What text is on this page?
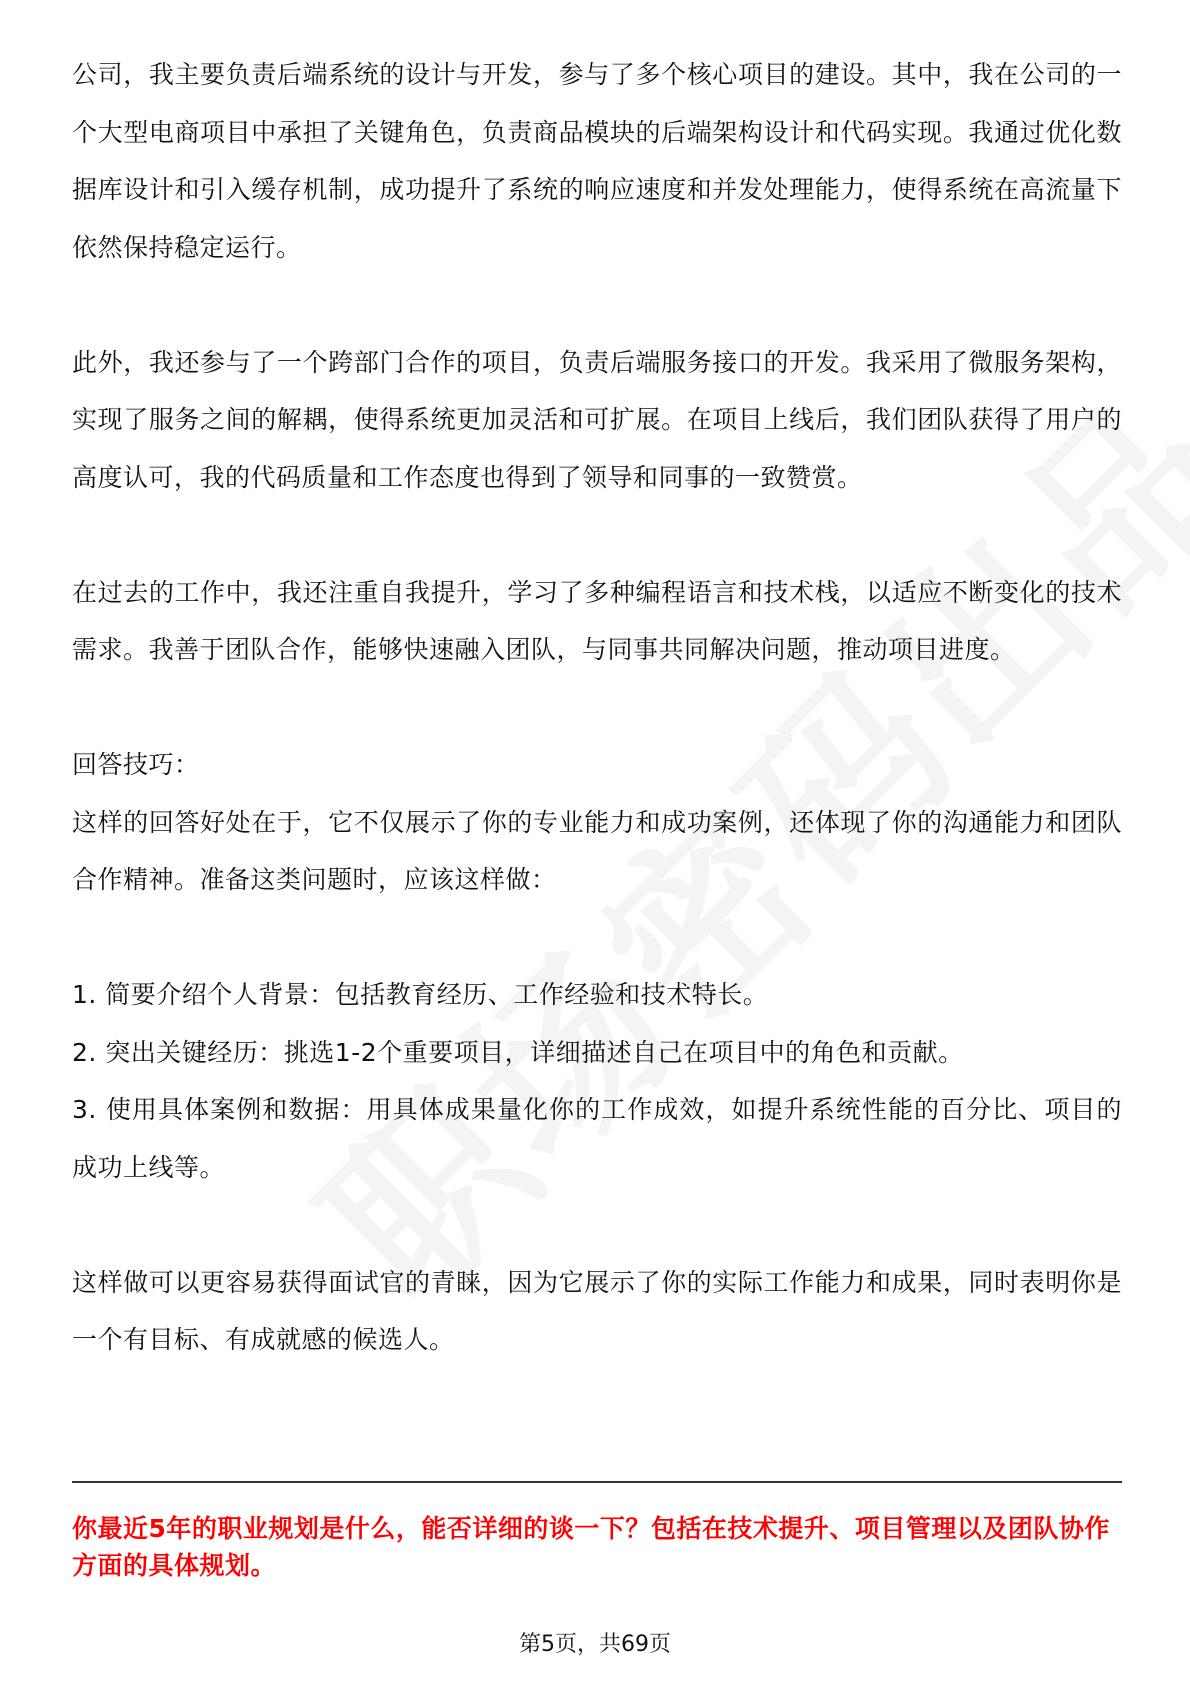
公司，我主要负责后端系统的设计与开发，参与了多个核心项目的建设。其中，我在公司的一个大型电商项目中承担了关键角色，负责商品模块的后端架构设计和代码实现。我通过优化数据库设计和引入缓存机制，成功提升了系统的响应速度和并发处理能力，使得系统在高流量下依然保持稳定运行。

此外，我还参与了一个跨部门合作的项目，负责后端服务接口的开发。我采用了微服务架构，实现了服务之间的解耦，使得系统更加灵活和可扩展。在项目上线后，我们团队获得了用户的高度认可，我的代码质量和工作态度也得到了领导和同事的一致赞赏。

在过去的工作中，我还注重自我提升，学习了多种编程语言和技术栈，以适应不断变化的技术需求。我善于团队合作，能够快速融入团队，与同事共同解决问题，推动项目进度。

回答技巧：

这样的回答好处在于，它不仅展示了你的专业能力和成功案例，还体现了你的沟通能力和团队合作精神。准备这类问题时，应该这样做：

1. 简要介绍个人背景：包括教育经历、工作经验和技术特长。

2. 突出关键经历：挑选1-2个重要项目，详细描述自己在项目中的角色和贡献。

3. 使用具体案例和数据：用具体成果量化你的工作成效，如提升系统性能的百分比、项目的成功上线等。

这样做可以更容易获得面试官的青睐，因为它展示了你的实际工作能力和成果，同时表明你是一个有目标、有成就感的候选人。

你最近5年的职业规划是什么，能否详细的谈一下？包括在技术提升、项目管理以及团队协作方面的具体规划。

第5页，共69页
